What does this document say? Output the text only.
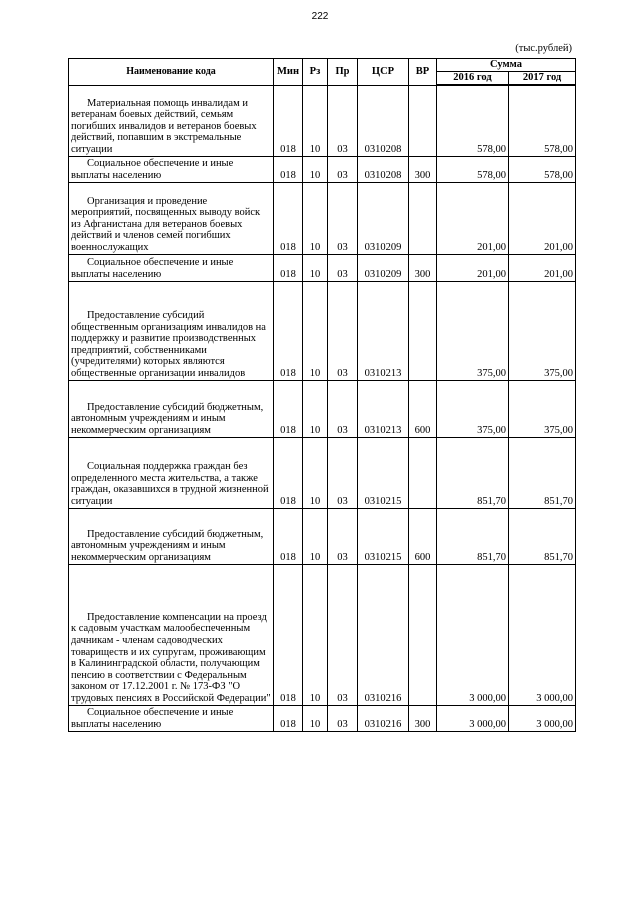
222
(тыс.рублей)
Наименование кода	Мин	Рз	Пр	ЦСР	ВР	Сумма	
						2016 год	2017 год
Материальная помощь инвалидам и ветеранам боевых действий, семьям погибших инвалидов и ветеранов боевых действий, попавшим в экстремальные ситуации	018	10	03	0310208		578,00	578,00
Социальное обеспечение и иные выплаты населению	018	10	03	0310208	300	578,00	578,00
Организация и проведение мероприятий, посвященных выводу войск из Афганистана для ветеранов боевых действий и членов семей погибших военнослужащих	018	10	03	0310209		201,00	201,00
Социальное обеспечение и иные выплаты населению	018	10	03	0310209	300	201,00	201,00
Предоставление субсидий общественным организациям инвалидов на поддержку и развитие производственных предприятий, собственниками (учредителями) которых являются общественные организации инвалидов	018	10	03	0310213		375,00	375,00
Предоставление субсидий бюджетным, автономным учреждениям и иным некоммерческим организациям	018	10	03	0310213	600	375,00	375,00
Социальная поддержка граждан без определенного места жительства, а также граждан, оказавшихся в трудной жизненной ситуации	018	10	03	0310215		851,70	851,70
Предоставление субсидий бюджетным, автономным учреждениям и иным некоммерческим организациям	018	10	03	0310215	600	851,70	851,70
Предоставление компенсации на проезд к садовым участкам малообеспеченным дачникам - членам садоводческих товариществ и их супругам, проживающим в Калининградской области, получающим пенсию в соответствии с Федеральным законом от 17.12.2001 г. № 173-ФЗ "О трудовых пенсиях в Российской Федерации"	018	10	03	0310216		3 000,00	3 000,00
Социальное обеспечение и иные выплаты населению	018	10	03	0310216	300	3 000,00	3 000,00
